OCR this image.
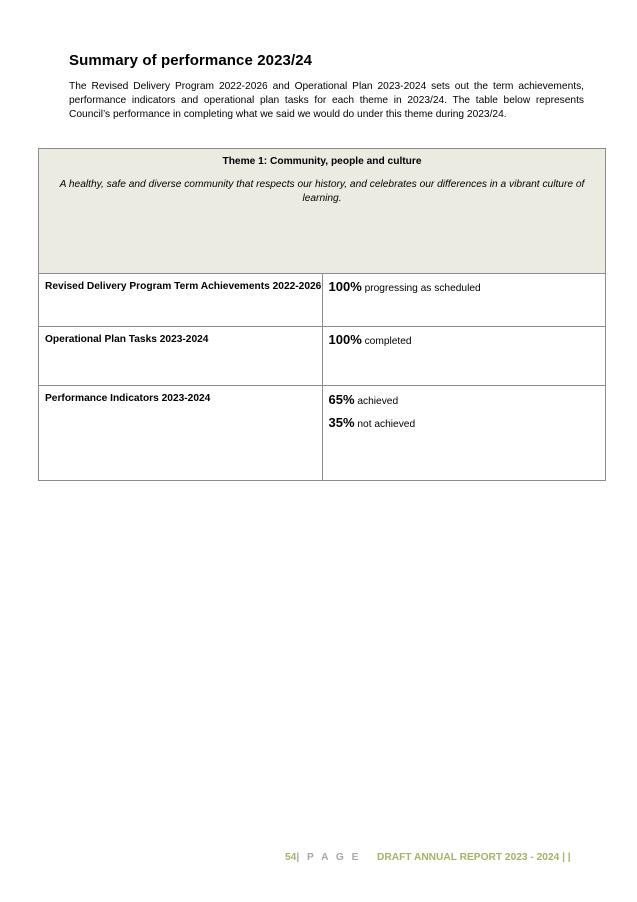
Summary of performance 2023/24

The Revised Delivery Program 2022-2026 and Operational Plan 2023-2024 sets out the term achievements, performance indicators and operational plan tasks for each theme in 2023/24. The table below represents Council’s performance in completing what we said we would do under this theme during 2023/24.

Theme 1: Community, people and culture
A healthy, safe and diverse community that respects our history, and celebrates our differences in a vibrant culture of learning.	

Revised Delivery Program Term Achievements 2022-2026	100% progressing as scheduled

Operational Plan Tasks 2023-2024	100% completed

Performance Indicators 2023-2024	65% achieved
35% not achieved
54| P A G E DRAFT ANNUAL REPORT 2023 - 2024 | |
